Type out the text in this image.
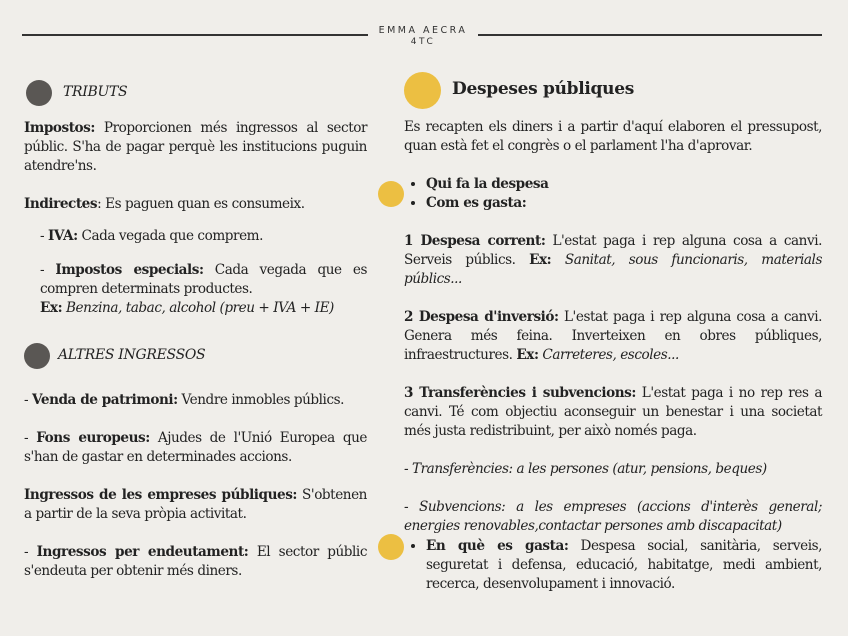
EMMA AECRA
4TC
TRIBUTS

Impostos: Proporcionen més ingressos al sector públic. S'ha de pagar perquè les institucions puguin atendre'ns.

Indirectes: Es paguen quan es consumeix.

- IVA: Cada vegada que comprem.

- Impostos especials: Cada vegada que es compren determinats productes.

Ex: Benzina, tabac, alcohol (preu + IVA + IE)

ALTRES INGRESSOS

- Venda de patrimoni: Vendre inmobles públics.

- Fons europeus: Ajudes de l'Unió Europea que s'han de gastar en determinades accions.

Ingressos de les empreses públiques: S'obtenen a partir de la seva pròpia activitat.

- Ingressos per endeutament: El sector públic s'endeuta per obtenir més diners.

Despeses públiques

Es recapten els diners i a partir d'aquí elaboren el pressupost, quan està fet el congrès o el parlament l'ha d'aprovar.

• Qui fa la despesa
• Com es gasta:

1 Despesa corrent: L'estat paga i rep alguna cosa a canvi. Serveis públics. Ex: Sanitat, sous funcionaris, materials públics...

2 Despesa d'inversió: L'estat paga i rep alguna cosa a canvi. Genera més feina. Inverteixen en obres públiques, infraestructures. Ex: Carreteres, escoles...

3 Transferències i subvencions: L'estat paga i no rep res a canvi. Té com objectiu aconseguir un benestar i una societat més justa redistribuint, per això només paga.

- Transferències: a les persones (atur, pensions, beques)

- Subvencions: a les empreses (accions d'interès general; energies renovables,contactar persones amb discapacitat)

• En què es gasta: Despesa social, sanitària, serveis, seguretat i defensa, educació, habitatge, medi ambient, recerca, desenvolupament i innovació.
